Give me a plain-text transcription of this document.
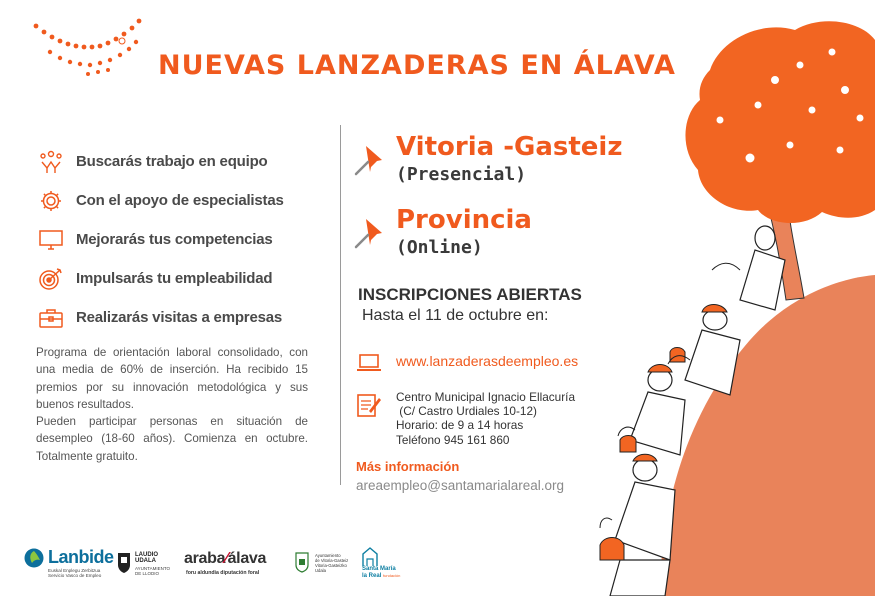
NUEVAS LANZADERAS EN ÁLAVA
Buscarás trabajo en equipo
Con el apoyo de especialistas
Mejorarás tus competencias
Impulsarás tu empleabilidad
Realizarás visitas a empresas

Programa de orientación laboral consolidado, con una media de 60% de inserción. Ha recibido 15 premios por su innovación metodológica y sus buenos resultados.

Pueden participar personas en situación de desempleo (18-60 años). Comienza en octubre. Totalmente gratuito.

Vitoria -Gasteiz
(Presencial)
Provincia
(Online)
INSCRIPCIONES ABIERTAS
Hasta el 11 de octubre en:
www.lanzaderasdeempleo.es
Centro Municipal Ignacio Ellacuría
(C/ Castro Urdiales 10-12)
Horario: de 9 a 14 horas
Teléfono 945 161 860
Más información
areaempleo@santamarialareal.org
Lanbide
Euskal Enplegu Zerbitzua
Servicio Vasco de Empleo
LAUDIO
UDALA
AYUNTAMIENTO
DE LLODIO
araba⁄álava
foru aldundia diputación foral
Ayuntamiento
de Vitoria-Gasteiz
Vitoria-Gasteizko
Udala	Santa María
la Real fundación
